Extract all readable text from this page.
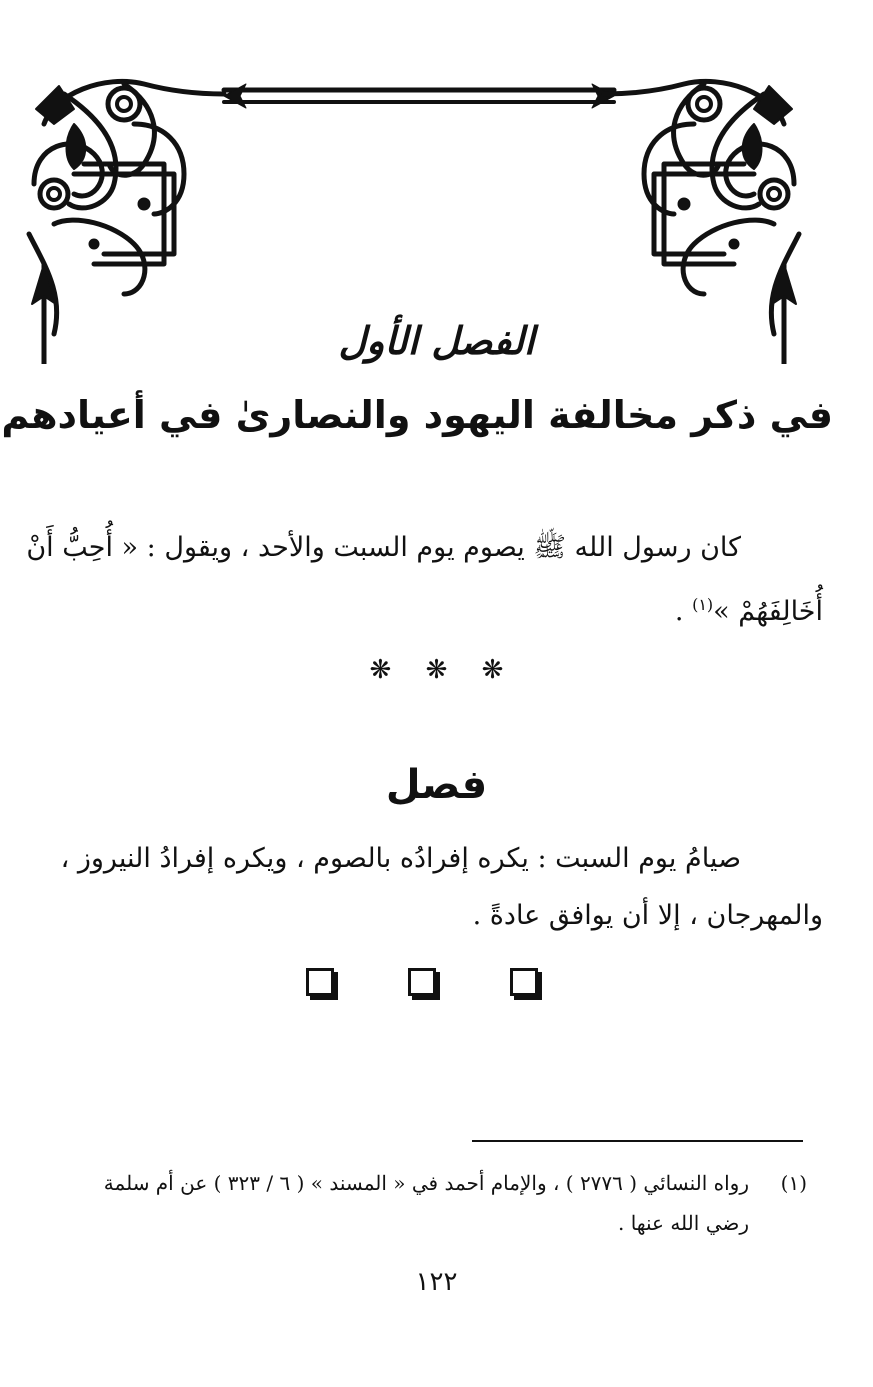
الفصل الأول
في ذكر مخالفة اليهود والنصارىٰ في أعيادهم
كان رسول الله ﷺ يصوم يوم السبت والأحد ، ويقول : « أُحِبُّ أَنْ
أُخَالِفَهُمْ »$^{(١)}$ .
❋ ❋ ❋
فصل
صيامُ يوم السبت : يكره إفرادُه بالصوم ، ويكره إفرادُ النيروز ،
والمهرجان ، إلا أن يوافق عادةً .
(١)
رواه النسائي ( ٢٧٧٦ ) ، والإمام أحمد في « المسند » ( ٦ / ٣٢٣ ) عن أم سلمة
رضي الله عنها .
١٢٢
